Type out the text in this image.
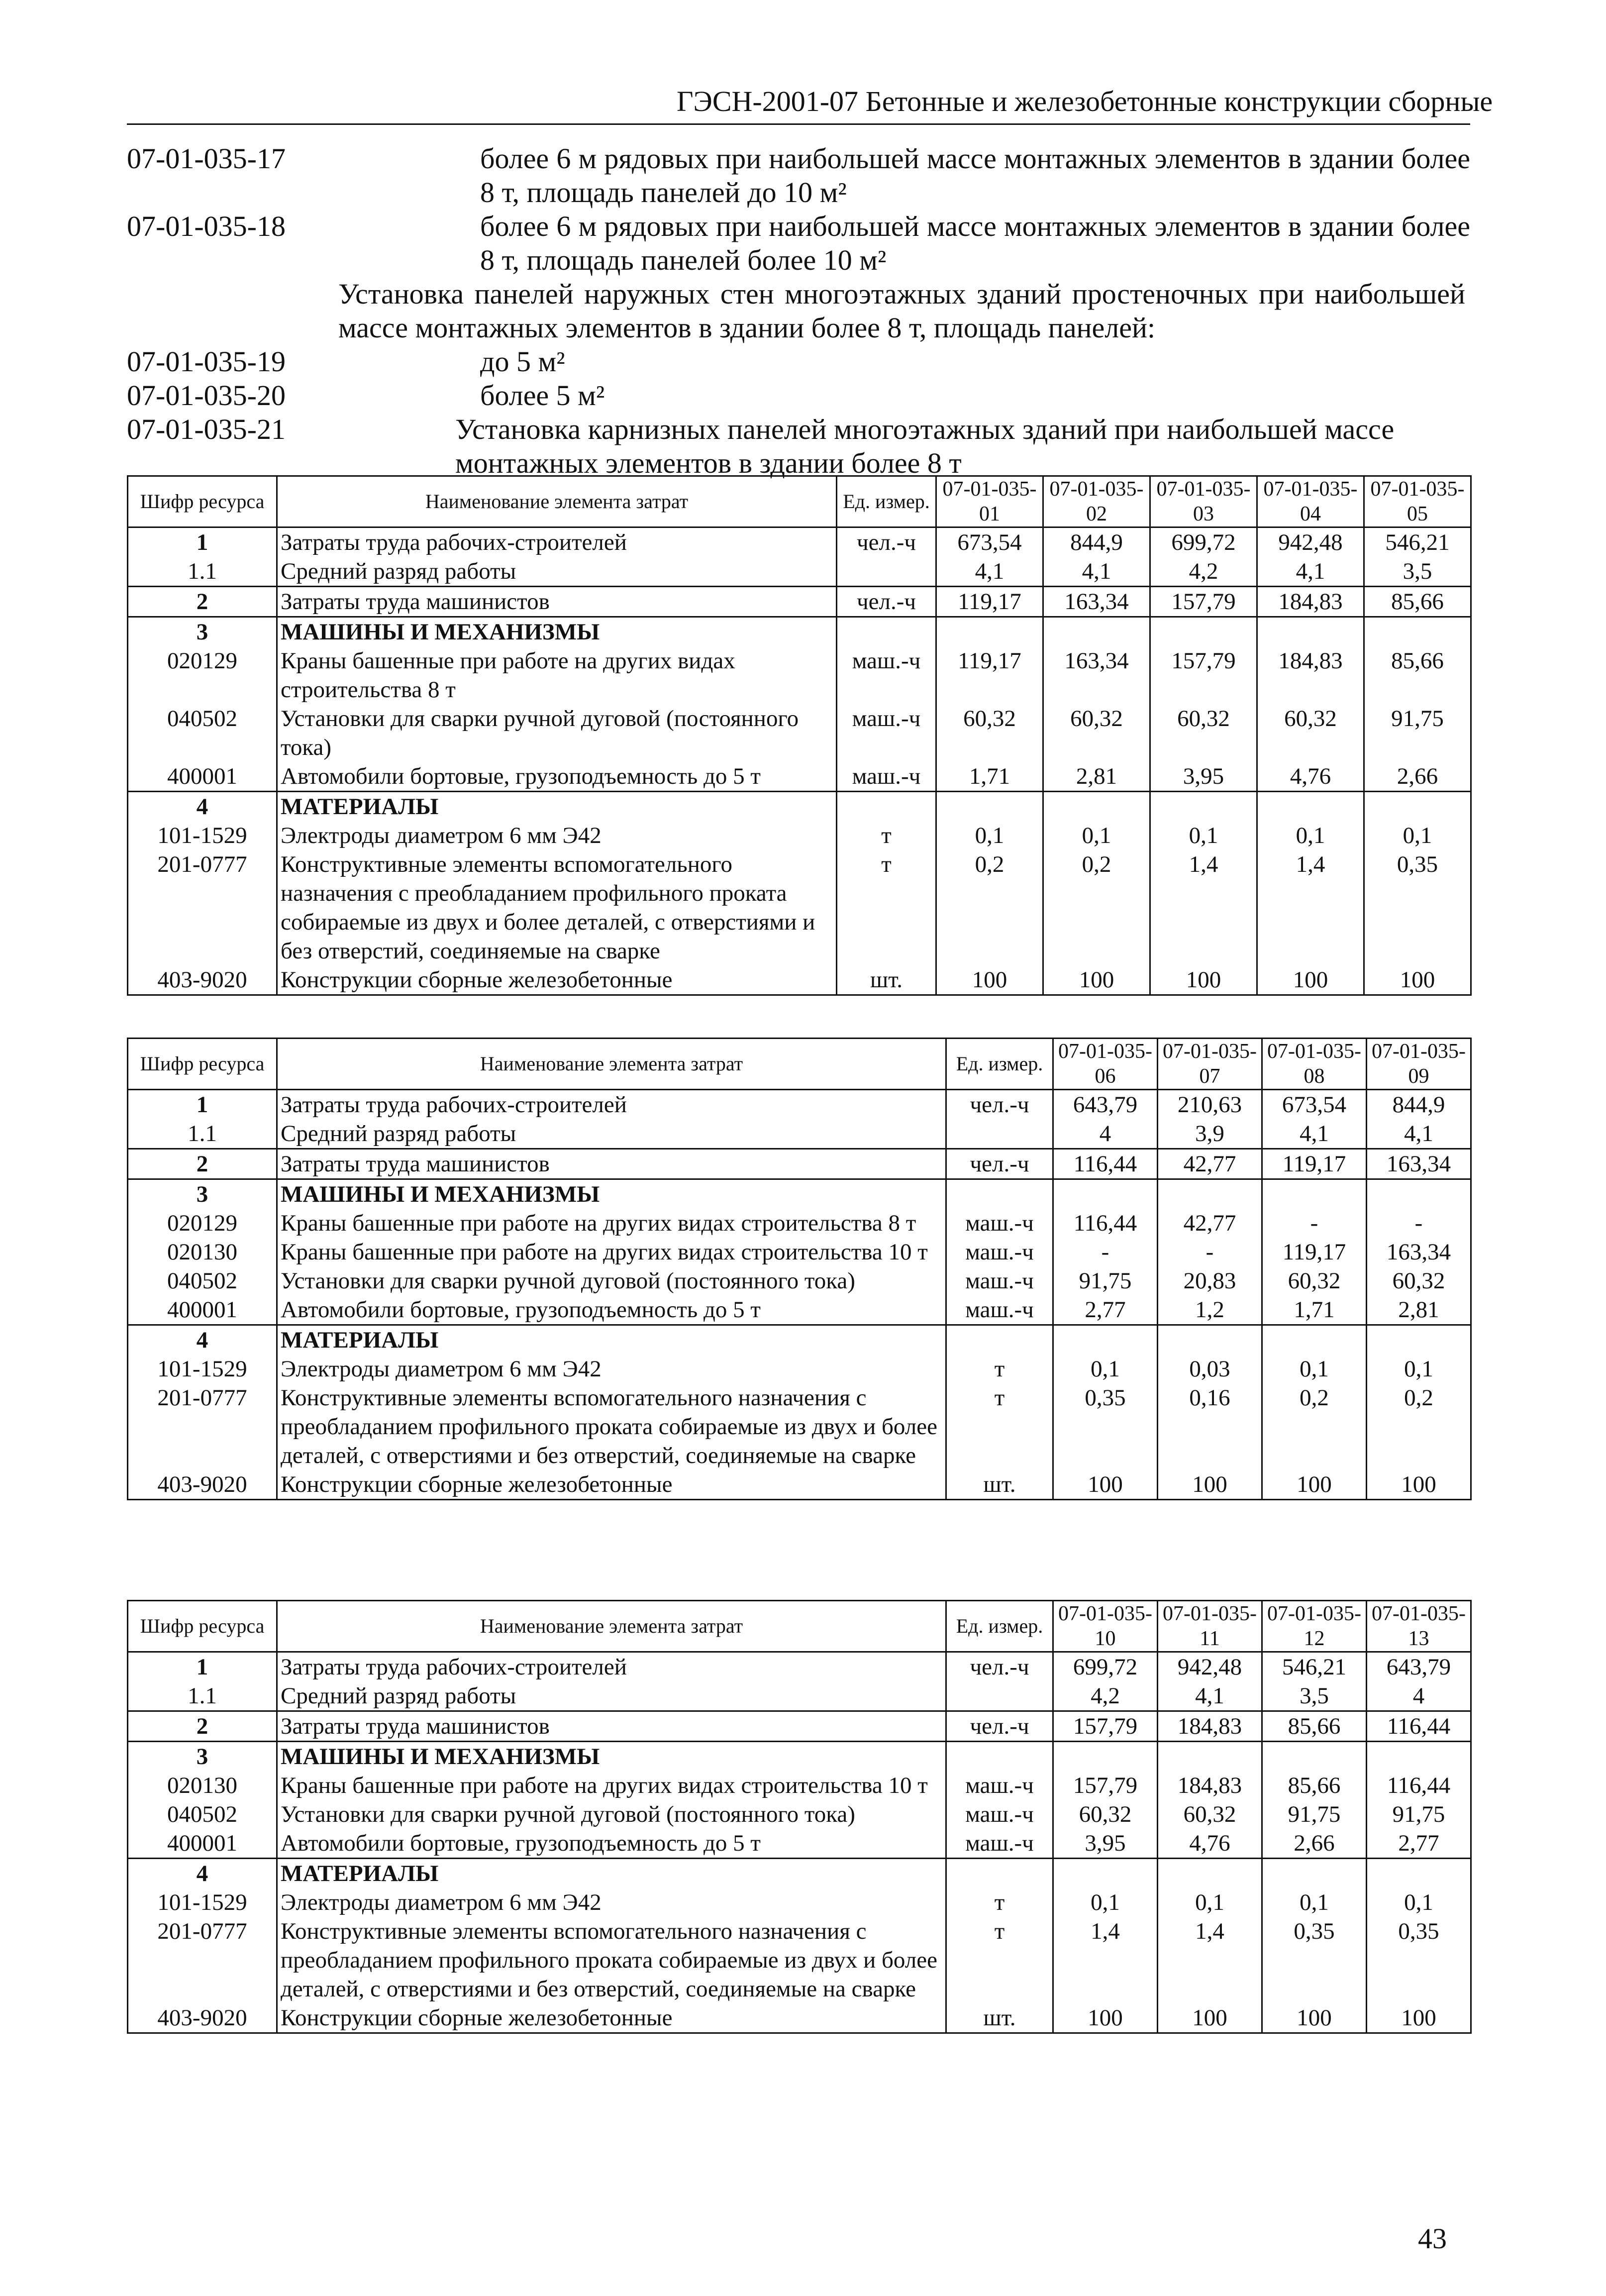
ГЭСН-2001-07 Бетонные и железобетонные конструкции сборные
07-01-035-17	более 6 м рядовых при наибольшей массе монтажных элементов в здании более 8 т, площадь панелей до 10 м²
07-01-035-18	более 6 м рядовых при наибольшей массе монтажных элементов в здании более 8 т, площадь панелей более 10 м²
Установка панелей наружных стен многоэтажных зданий простеночных при наибольшей массе монтажных элементов в здании более 8 т, площадь панелей:
07-01-035-19	до 5 м²
07-01-035-20	более 5 м²
07-01-035-21	Установка карнизных панелей многоэтажных зданий при наибольшей массе монтажных элементов в здании более 8 т
Шифр ресурса	Наименование элемента затрат	Ед. измер.	07-01-035-01	07-01-035-02	07-01-035-03	07-01-035-04	07-01-035-05
1	Затраты труда рабочих-строителей	чел.-ч	673,54	844,9	699,72	942,48	546,21
1.1	Средний разряд работы		4,1	4,1	4,2	4,1	3,5
2	Затраты труда машинистов	чел.-ч	119,17	163,34	157,79	184,83	85,66
3	МАШИНЫ И МЕХАНИЗМЫ						
020129	Краны башенные при работе на других видах строительства 8 т	маш.-ч	119,17	163,34	157,79	184,83	85,66
040502	Установки для сварки ручной дуговой (постоянного тока)	маш.-ч	60,32	60,32	60,32	60,32	91,75
400001	Автомобили бортовые, грузоподъемность до 5 т	маш.-ч	1,71	2,81	3,95	4,76	2,66
4	МАТЕРИАЛЫ						
101-1529	Электроды диаметром 6 мм Э42	т	0,1	0,1	0,1	0,1	0,1
201-0777	Конструктивные элементы вспомогательного назначения с преобладанием профильного проката собираемые из двух и более деталей, с отверстиями и без отверстий, соединяемые на сварке	т	0,2	0,2	1,4	1,4	0,35
403-9020	Конструкции сборные железобетонные	шт.	100	100	100	100	100
Шифр ресурса	Наименование элемента затрат	Ед. измер.	07-01-035-06	07-01-035-07	07-01-035-08	07-01-035-09
1	Затраты труда рабочих-строителей	чел.-ч	643,79	210,63	673,54	844,9
1.1	Средний разряд работы		4	3,9	4,1	4,1
2	Затраты труда машинистов	чел.-ч	116,44	42,77	119,17	163,34
3	МАШИНЫ И МЕХАНИЗМЫ					
020129	Краны башенные при работе на других видах строительства 8 т	маш.-ч	116,44	42,77	-	-
020130	Краны башенные при работе на других видах строительства 10 т	маш.-ч	-	-	119,17	163,34
040502	Установки для сварки ручной дуговой (постоянного тока)	маш.-ч	91,75	20,83	60,32	60,32
400001	Автомобили бортовые, грузоподъемность до 5 т	маш.-ч	2,77	1,2	1,71	2,81
4	МАТЕРИАЛЫ					
101-1529	Электроды диаметром 6 мм Э42	т	0,1	0,03	0,1	0,1
201-0777	Конструктивные элементы вспомогательного назначения с преобладанием профильного проката собираемые из двух и более деталей, с отверстиями и без отверстий, соединяемые на сварке	т	0,35	0,16	0,2	0,2
403-9020	Конструкции сборные железобетонные	шт.	100	100	100	100
Шифр ресурса	Наименование элемента затрат	Ед. измер.	07-01-035-10	07-01-035-11	07-01-035-12	07-01-035-13
1	Затраты труда рабочих-строителей	чел.-ч	699,72	942,48	546,21	643,79
1.1	Средний разряд работы		4,2	4,1	3,5	4
2	Затраты труда машинистов	чел.-ч	157,79	184,83	85,66	116,44
3	МАШИНЫ И МЕХАНИЗМЫ					
020130	Краны башенные при работе на других видах строительства 10 т	маш.-ч	157,79	184,83	85,66	116,44
040502	Установки для сварки ручной дуговой (постоянного тока)	маш.-ч	60,32	60,32	91,75	91,75
400001	Автомобили бортовые, грузоподъемность до 5 т	маш.-ч	3,95	4,76	2,66	2,77
4	МАТЕРИАЛЫ					
101-1529	Электроды диаметром 6 мм Э42	т	0,1	0,1	0,1	0,1
201-0777	Конструктивные элементы вспомогательного назначения с преобладанием профильного проката собираемые из двух и более деталей, с отверстиями и без отверстий, соединяемые на сварке	т	1,4	1,4	0,35	0,35
403-9020	Конструкции сборные железобетонные	шт.	100	100	100	100
43
